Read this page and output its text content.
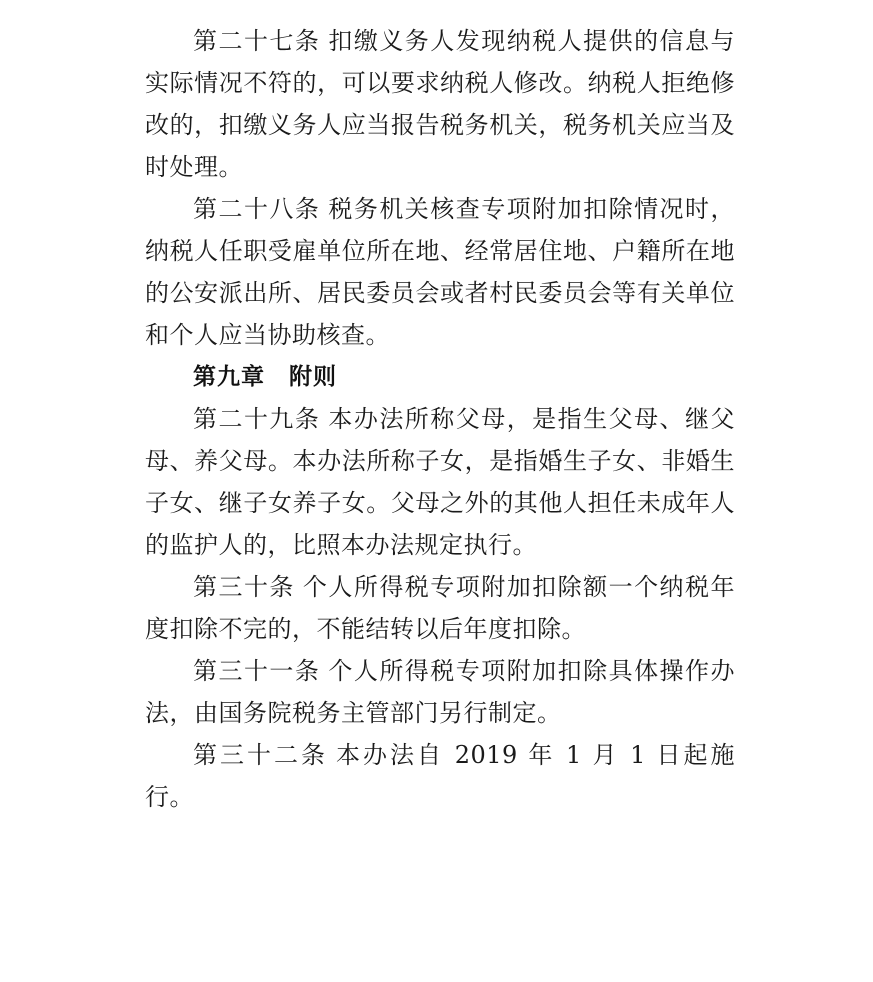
第二十七条 扣缴义务人发现纳税人提供的信息与实际情况不符的，可以要求纳税人修改。纳税人拒绝修改的，扣缴义务人应当报告税务机关，税务机关应当及时处理。

第二十八条 税务机关核查专项附加扣除情况时，纳税人任职受雇单位所在地、经常居住地、户籍所在地的公安派出所、居民委员会或者村民委员会等有关单位和个人应当协助核查。

第九章　附则

第二十九条 本办法所称父母，是指生父母、继父母、养父母。本办法所称子女，是指婚生子女、非婚生子女、继子女养子女。父母之外的其他人担任未成年人的监护人的，比照本办法规定执行。

第三十条 个人所得税专项附加扣除额一个纳税年度扣除不完的，不能结转以后年度扣除。

第三十一条 个人所得税专项附加扣除具体操作办法，由国务院税务主管部门另行制定。

第三十二条 本办法自 2019 年 1 月 1 日起施行。
